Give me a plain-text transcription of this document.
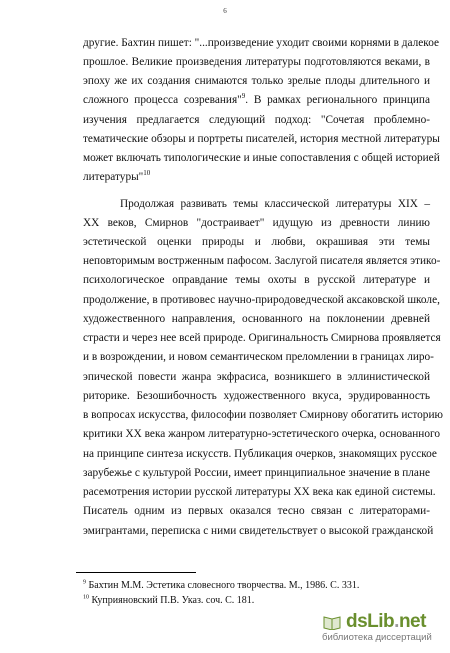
6
другие. Бахтин пишет: "...произведение уходит своими корнями в далекое
прошлое. Великие произведения литературы подготовляются веками, в
эпоху же их создания снимаются только зрелые плоды длительного и
сложного процесса созревания"$^9$. В рамках регионального принципа
изучения предлагается следующий подход: "Сочетая проблемно-
тематические обзоры и портреты писателей, история местной литературы
может включать типологические и иные сопоставления с общей историей
литературы"$^{10}$
Продолжая развивать темы классической литературы XIX –
XX веков, Смирнов "достраивает" идущую из древности линию
эстетической оценки природы и любви, окрашивая эти темы
неповторимым вострженным пафосом. Заслугой писателя является этико-
психологическое оправдание темы охоты в русской литературе и
продолжение, в противовес научно-природоведческой аксаковской школе,
художественного направления, основанного на поклонении древней
страсти и через нее всей природе. Оригинальность Смирнова проявляется
и в возрождении, и новом семантическом преломлении в границах лиро-
эпической повести жанра экфрасиса, возникшего в эллинистической
риторике. Безошибочность художественного вкуса, эрудированность
в вопросах искусства, философии позволяет Смирнову обогатить историю
критики XX века жанром литературно-эстетического очерка, основанного
на принципе синтеза искусств. Публикация очерков, знакомящих русское
зарубежье с культурой России, имеет принципиальное значение в плане
расемотрения истории русской литературы XX века как единой системы.
Писатель одним из первых оказался тесно связан с литераторами-
эмигрантами, переписка с ними свидетельствует о высокой гражданской
$^9$ Бахтин М.М. Эстетика словесного творчества. М., 1986. С. 331.
$^{10}$ Куприяновский П.В. Указ. соч. С. 181.
dsLib.net
библиотека диссертаций
